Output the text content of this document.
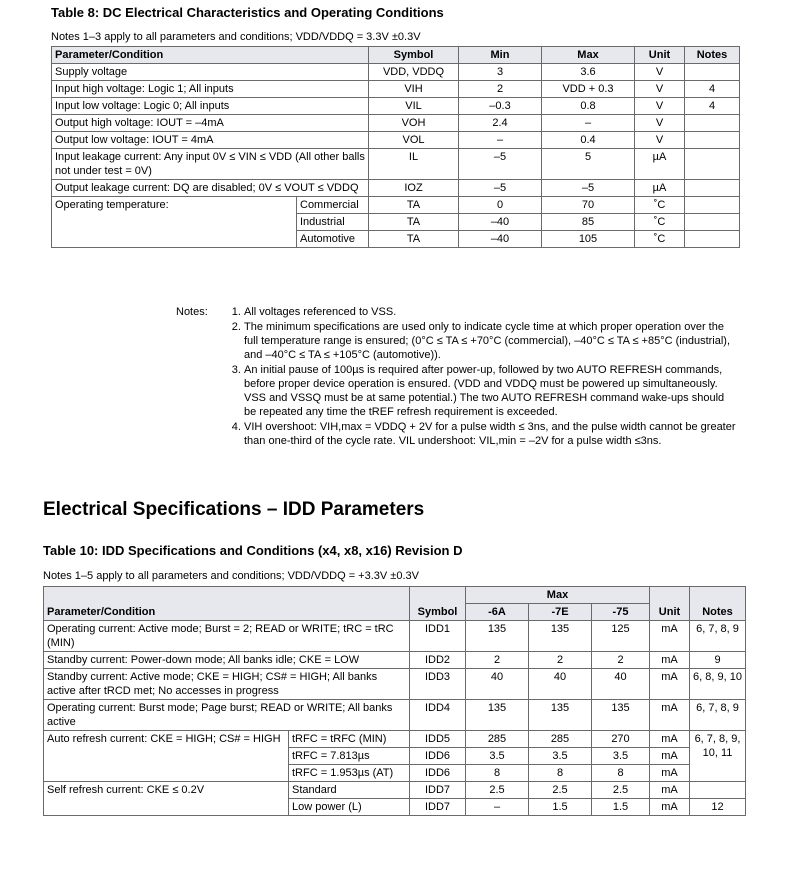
Table 8: DC Electrical Characteristics and Operating Conditions
Notes 1–3 apply to all parameters and conditions; VDD/VDDQ = 3.3V ±0.3V
Parameter/Condition		Symbol	Min	Max	Unit	Notes
Supply voltage		VDD, VDDQ	3	3.6	V	
Input high voltage: Logic 1; All inputs		VIH	2	VDD + 0.3	V	4
Input low voltage: Logic 0; All inputs		VIL	–0.3	0.8	V	4
Output high voltage: IOUT = –4mA		VOH	2.4	–	V	
Output low voltage: IOUT = 4mA		VOL	–	0.4	V	
Input leakage current: Any input 0V ≤ VIN ≤ VDD (All other balls not under test = 0V)		IL	–5	5	µA	
Output leakage current: DQ are disabled; 0V ≤ VOUT ≤ VDDQ		IOZ	–5	–5	µA	
Operating temperature:	Commercial	TA	0	70	˚C	
	Industrial	TA	–40	85	˚C	
	Automotive	TA	–40	105	˚C	
Notes:	1. All voltages referenced to VSS.
2. The minimum specifications are used only to indicate cycle time at which proper operation over the full temperature range is ensured; (0°C ≤ TA ≤ +70°C (commercial), –40°C ≤ TA ≤ +85°C (industrial), and –40°C ≤ TA ≤ +105°C (automotive)).
3. An initial pause of 100µs is required after power-up, followed by two AUTO REFRESH commands, before proper device operation is ensured. (VDD and VDDQ must be powered up simultaneously. VSS and VSSQ must be at same potential.) The two AUTO REFRESH command wake-ups should be repeated any time the tREF refresh requirement is exceeded.
4. VIH overshoot: VIH,max = VDDQ + 2V for a pulse width ≤ 3ns, and the pulse width cannot be greater than one-third of the cycle rate. VIL undershoot: VIL,min = –2V for a pulse width ≤3ns.
Electrical Specifications – IDD Parameters
Table 10: IDD Specifications and Conditions (x4, x8, x16) Revision D
Notes 1–5 apply to all parameters and conditions; VDD/VDDQ = +3.3V ±0.3V
			Max				
Parameter/Condition		Symbol	-6A	-7E	-75	Unit	Notes
Operating current: Active mode; Burst = 2; READ or WRITE; tRC = tRC (MIN)		IDD1	135	135	125	mA	6, 7, 8, 9
Standby current: Power-down mode; All banks idle; CKE = LOW		IDD2	2	2	2	mA	9
Standby current: Active mode; CKE = HIGH; CS# = HIGH; All banks active after tRCD met; No accesses in progress		IDD3	40	40	40	mA	6, 8, 9, 10
Operating current: Burst mode; Page burst; READ or WRITE; All banks active		IDD4	135	135	135	mA	6, 7, 8, 9
Auto refresh current: CKE = HIGH; CS# = HIGH	tRFC = tRFC (MIN)	IDD5	285	285	270	mA	6, 7, 8, 9, 10, 11
	tRFC = 7.813µs	IDD6	3.5	3.5	3.5	mA	
	tRFC = 1.953µs (AT)	IDD6	8	8	8	mA	
Self refresh current: CKE ≤ 0.2V	Standard	IDD7	2.5	2.5	2.5	mA	
	Low power (L)	IDD7	–	1.5	1.5	mA	12
